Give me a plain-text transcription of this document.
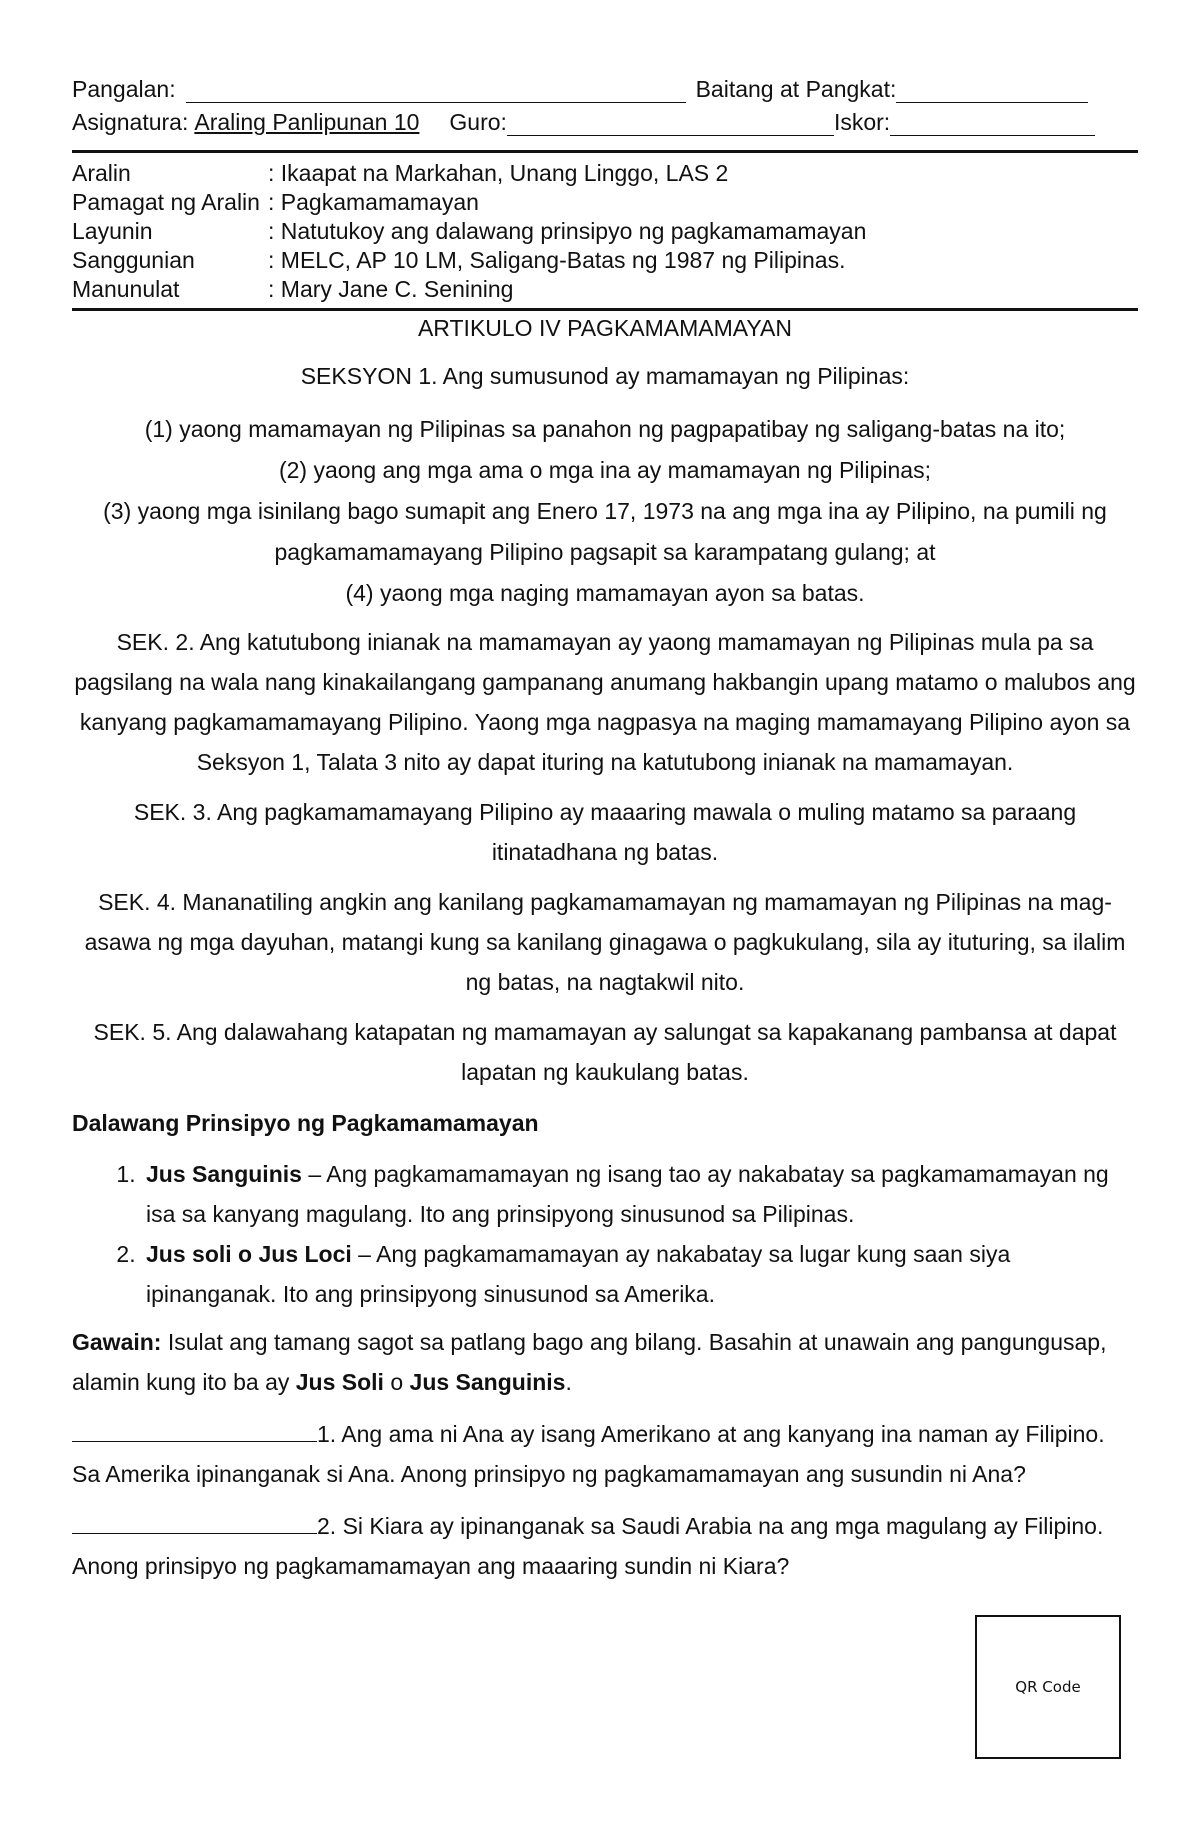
Pangalan:	Baitang at Pangkat:
Asignatura: Araling Panlipunan 10 Guro:	Iskor:
Aralin	: Ikaapat na Markahan, Unang Linggo, LAS 2
Pamagat ng Aralin : Pagkamamamayan
Layunin	: Natutukoy ang dalawang prinsipyo ng pagkamamamayan
Sanggunian	: MELC, AP 10 LM, Saligang-Batas ng 1987 ng Pilipinas.
Manunulat	: Mary Jane C. Senining
ARTIKULO IV PAGKAMAMAMAYAN
SEKSYON 1. Ang sumusunod ay mamamayan ng Pilipinas:
(1) yaong mamamayan ng Pilipinas sa panahon ng pagpapatibay ng saligang-batas na ito;
(2) yaong ang mga ama o mga ina ay mamamayan ng Pilipinas;
(3) yaong mga isinilang bago sumapit ang Enero 17, 1973 na ang mga ina ay Pilipino, na pumili ng pagkamamamayang Pilipino pagsapit sa karampatang gulang; at
(4) yaong mga naging mamamayan ayon sa batas.
SEK. 2. Ang katutubong inianak na mamamayan ay yaong mamamayan ng Pilipinas mula pa sa pagsilang na wala nang kinakailangang gampanang anumang hakbangin upang matamo o malubos ang kanyang pagkamamamayang Pilipino. Yaong mga nagpasya na maging mamamayang Pilipino ayon sa Seksyon 1, Talata 3 nito ay dapat ituring na katutubong inianak na mamamayan.
SEK. 3. Ang pagkamamamayang Pilipino ay maaaring mawala o muling matamo sa paraang itinatadhana ng batas.
SEK. 4. Mananatiling angkin ang kanilang pagkamamamayan ng mamamayan ng Pilipinas na mag-asawa ng mga dayuhan, matangi kung sa kanilang ginagawa o pagkukulang, sila ay ituturing, sa ilalim ng batas, na nagtakwil nito.
SEK. 5. Ang dalawahang katapatan ng mamamayan ay salungat sa kapakanang pambansa at dapat lapatan ng kaukulang batas.
Dalawang Prinsipyo ng Pagkamamamayan
1. Jus Sanguinis – Ang pagkamamamayan ng isang tao ay nakabatay sa pagkamamamayan ng isa sa kanyang magulang. Ito ang prinsipyong sinusunod sa Pilipinas.
2. Jus soli o Jus Loci – Ang pagkamamamayan ay nakabatay sa lugar kung saan siya ipinanganak. Ito ang prinsipyong sinusunod sa Amerika.
Gawain: Isulat ang tamang sagot sa patlang bago ang bilang. Basahin at unawain ang pangungusap, alamin kung ito ba ay Jus Soli o Jus Sanguinis.
1. Ang ama ni Ana ay isang Amerikano at ang kanyang ina naman ay Filipino. Sa Amerika ipinanganak si Ana. Anong prinsipyo ng pagkamamamayan ang susundin ni Ana?
2. Si Kiara ay ipinanganak sa Saudi Arabia na ang mga magulang ay Filipino. Anong prinsipyo ng pagkamamamayan ang maaaring sundin ni Kiara?
QR Code
